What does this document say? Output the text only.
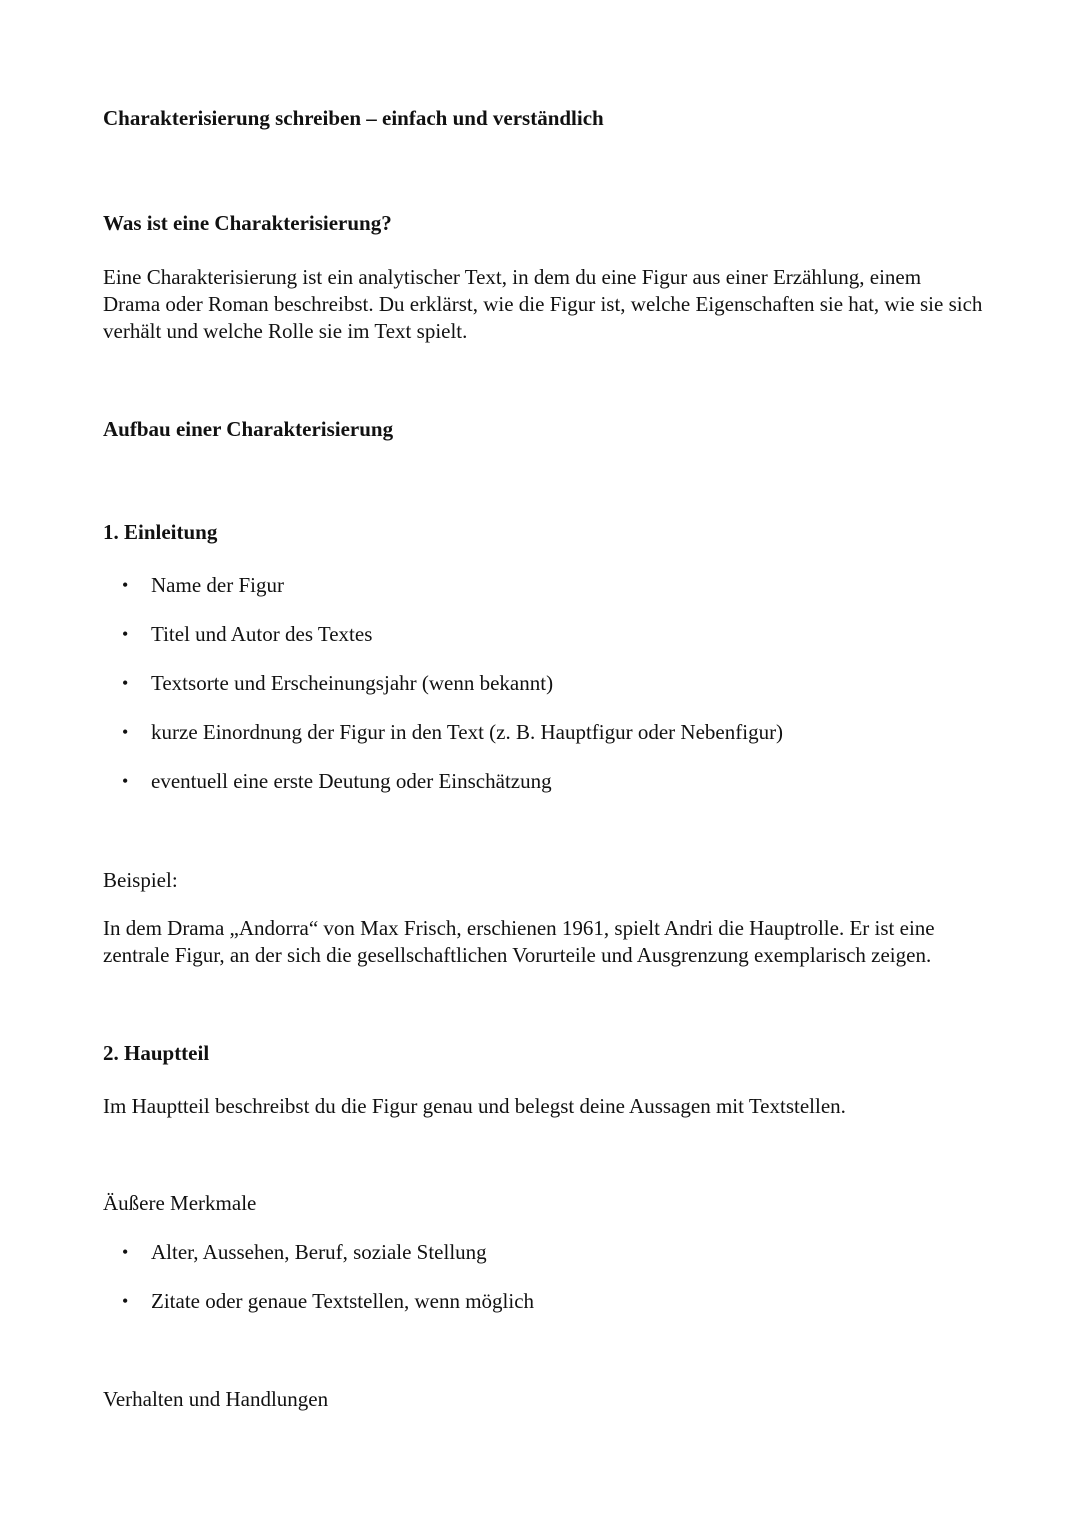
Charakterisierung schreiben – einfach und verständlich

Was ist eine Charakterisierung?

Eine Charakterisierung ist ein analytischer Text, in dem du eine Figur aus einer Erzählung, einem Drama oder Roman beschreibst. Du erklärst, wie die Figur ist, welche Eigenschaften sie hat, wie sie sich verhält und welche Rolle sie im Text spielt.

Aufbau einer Charakterisierung

1. Einleitung

• Name der Figur
• Titel und Autor des Textes
• Textsorte und Erscheinungsjahr (wenn bekannt)
• kurze Einordnung der Figur in den Text (z. B. Hauptfigur oder Nebenfigur)
• eventuell eine erste Deutung oder Einschätzung

Beispiel:

In dem Drama „Andorra“ von Max Frisch, erschienen 1961, spielt Andri die Hauptrolle. Er ist eine zentrale Figur, an der sich die gesellschaftlichen Vorurteile und Ausgrenzung exemplarisch zeigen.

2. Hauptteil

Im Hauptteil beschreibst du die Figur genau und belegst deine Aussagen mit Textstellen.

Äußere Merkmale

• Alter, Aussehen, Beruf, soziale Stellung
• Zitate oder genaue Textstellen, wenn möglich

Verhalten und Handlungen
